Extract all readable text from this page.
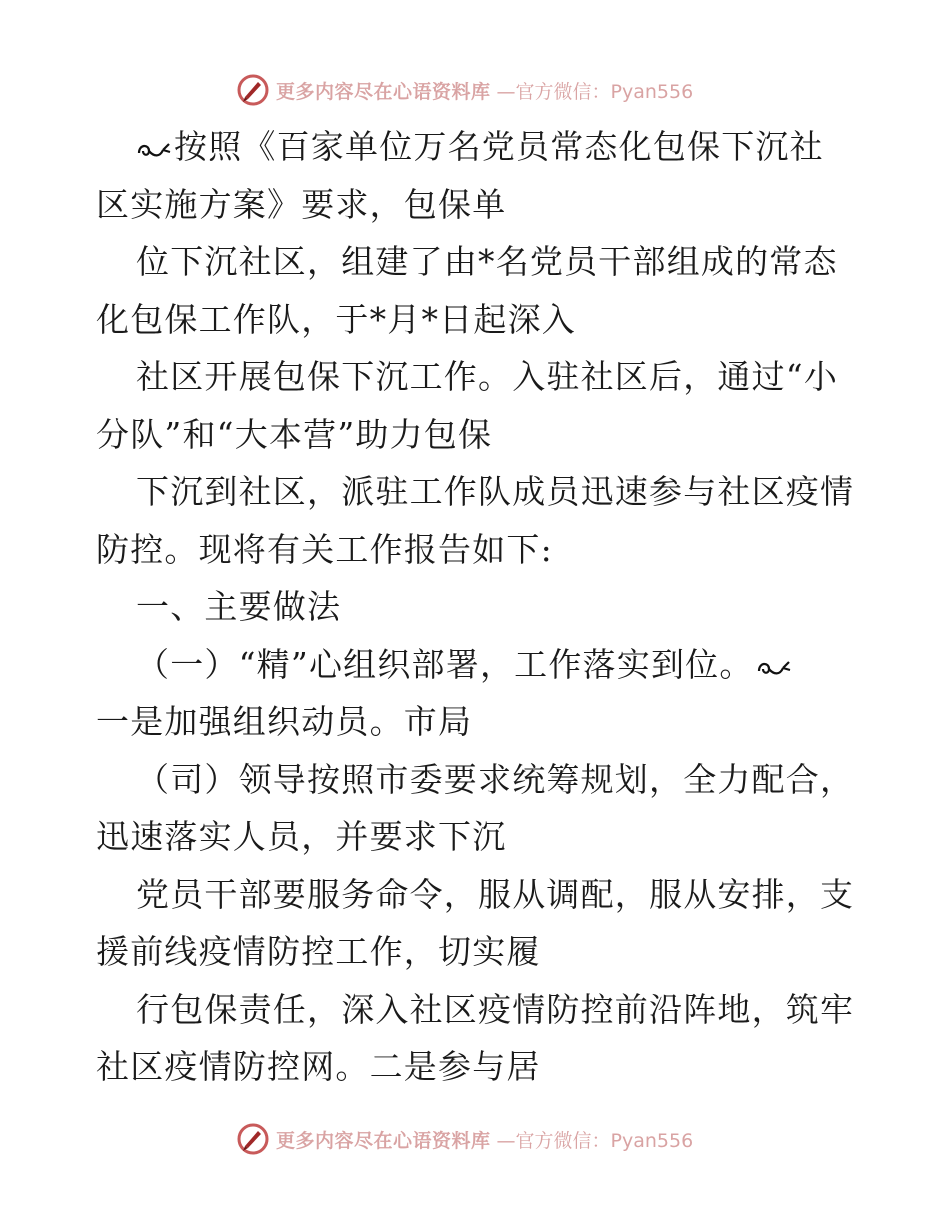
更多内容尽在心语资料库 —官方微信：Pyan556
按照《百家单位万名党员常态化包保下沉社
区实施方案》要求，包保单
位下沉社区，组建了由*名党员干部组成的常态
化包保工作队，于*月*日起深入
社区开展包保下沉工作。入驻社区后，通过“小
分队”和“大本营”助力包保
下沉到社区，派驻工作队成员迅速参与社区疫情
防控。现将有关工作报告如下:
一、主要做法
（一）“精”心组织部署，工作落实到位。
一是加强组织动员。市局
（司）领导按照市委要求统筹规划，全力配合，
迅速落实人员，并要求下沉
党员干部要服务命令，服从调配，服从安排，支
援前线疫情防控工作，切实履
行包保责任，深入社区疫情防控前沿阵地，筑牢
社区疫情防控网。二是参与居
更多内容尽在心语资料库 —官方微信：Pyan556
